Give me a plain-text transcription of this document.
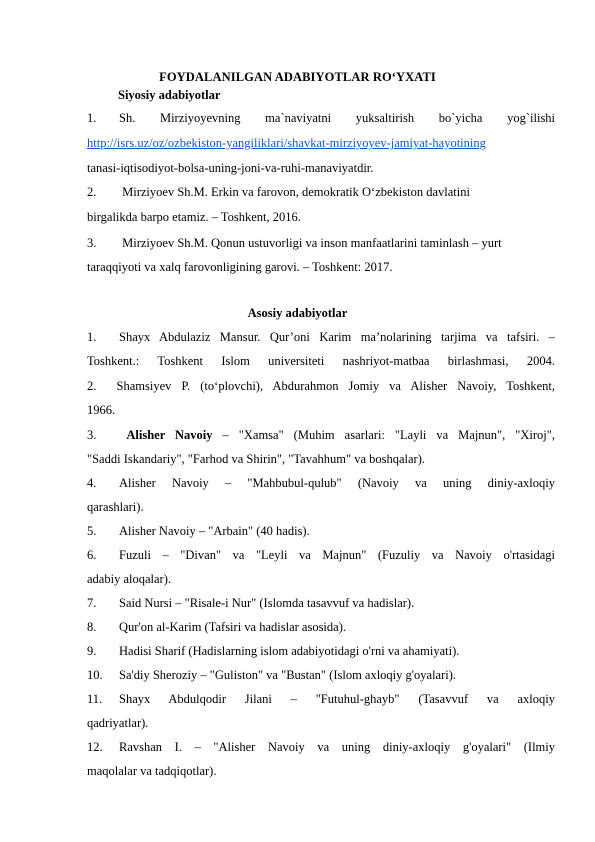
FOYDALANILGAN ADABIYOTLAR RO‘YXATI
Siyosiy adabiyotlar
1. Sh. Mirziyoyevning ma`naviyatni yuksaltirish bo`yicha yog`ilishi
http://isrs.uz/oz/ozbekiston-yangiliklari/shavkat-mirziyoyev-jamiyat-hayotining
tanasi-iqtisodiyot-bolsa-uning-joni-va-ruhi-manaviyatdir.
2. Mirziyoev Sh.M. Erkin va farovon, demokratik O‘zbekiston davlatini
birgalikda barpo etamiz. – Toshkent, 2016.
3. Mirziyoev Sh.M. Qonun ustuvorligi va inson manfaatlarini taminlash – yurt
taraqqiyoti va xalq farovonligining garovi. – Toshkent: 2017.
Asosiy adabiyotlar
1. Shayx Abdulaziz Mansur. Qur’oni Karim ma’nolarining tarjima va tafsiri. –
Toshkent.: Toshkent Islom universiteti nashriyot-matbaa birlashmasi, 2004.
2. Shamsiyev P. (to‘plovchi), Abdurahmon Jomiy va Alisher Navoiy, Toshkent,
1966.
3. Alisher Navoiy – "Xamsa" (Muhim asarlari: "Layli va Majnun", "Xiroj",
"Saddi Iskandariy", "Farhod va Shirin", "Tavahhum" va boshqalar).
4. Alisher Navoiy – "Mahbubul-qulub" (Navoiy va uning diniy-axloqiy
qarashlari).
5. Alisher Navoiy – "Arbain" (40 hadis).
6. Fuzuli – "Divan" va "Leyli va Majnun" (Fuzuliy va Navoiy o'rtasidagi
adabiy aloqalar).
7. Said Nursi – "Risale-i Nur" (Islomda tasavvuf va hadislar).
8. Qur'on al-Karim (Tafsiri va hadislar asosida).
9. Hadisi Sharif (Hadislarning islom adabiyotidagi o'rni va ahamiyati).
10. Sa'diy Sheroziy – "Guliston" va "Bustan" (Islom axloqiy g'oyalari).
11. Shayx Abdulqodir Jilani – "Futuhul-ghayb" (Tasavvuf va axloqiy
qadriyatlar).
12. Ravshan I. – "Alisher Navoiy va uning diniy-axloqiy g'oyalari" (Ilmiy
maqolalar va tadqiqotlar).
